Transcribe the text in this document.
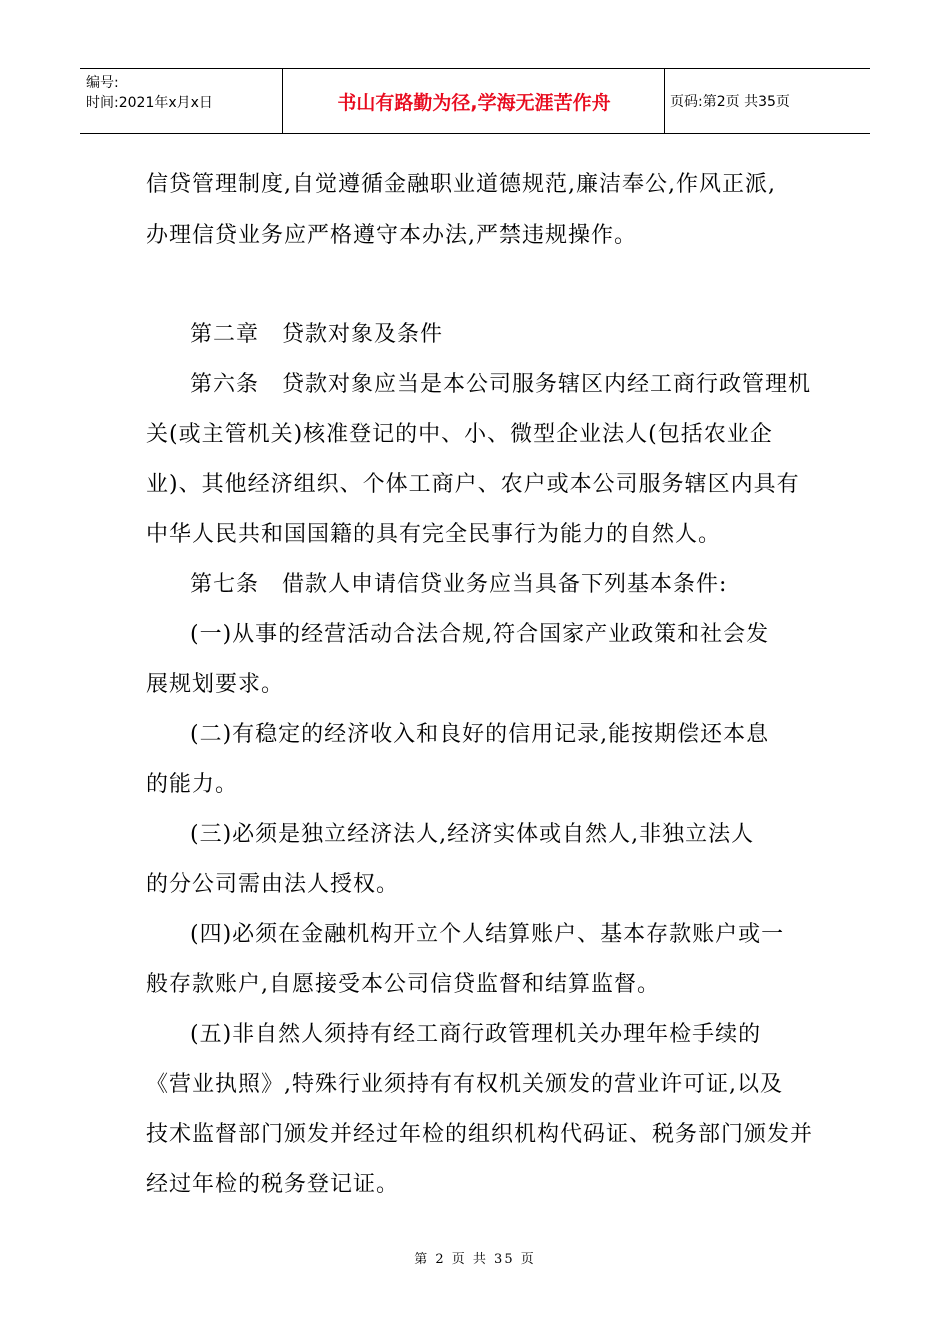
编号:
时间:2021年x月x日	书山有路勤为径,学海无涯苦作舟	页码:第2页 共35页
信贷管理制度,自觉遵循金融职业道德规范,廉洁奉公,作风正派,
办理信贷业务应严格遵守本办法,严禁违规操作。
第二章　贷款对象及条件
第六条　贷款对象应当是本公司服务辖区内经工商行政管理机
关(或主管机关)核准登记的中、小、微型企业法人(包括农业企
业)、其他经济组织、个体工商户、农户或本公司服务辖区内具有
中华人民共和国国籍的具有完全民事行为能力的自然人。
第七条　借款人申请信贷业务应当具备下列基本条件:
(一)从事的经营活动合法合规,符合国家产业政策和社会发
展规划要求。
(二)有稳定的经济收入和良好的信用记录,能按期偿还本息
的能力。
(三)必须是独立经济法人,经济实体或自然人,非独立法人
的分公司需由法人授权。
(四)必须在金融机构开立个人结算账户、基本存款账户或一
般存款账户,自愿接受本公司信贷监督和结算监督。
(五)非自然人须持有经工商行政管理机关办理年检手续的
《营业执照》,特殊行业须持有有权机关颁发的营业许可证,以及
技术监督部门颁发并经过年检的组织机构代码证、税务部门颁发并
经过年检的税务登记证。
第 2 页 共 35 页
